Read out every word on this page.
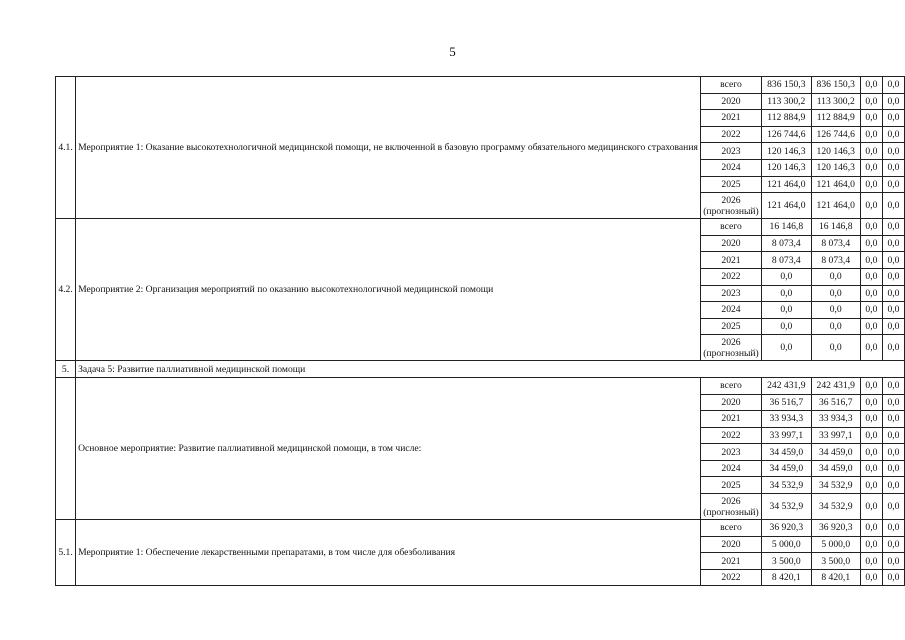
5
4.1.	Мероприятие 1: Оказание высокотехнологичной медицинской помощи, не включенной в базовую программу обязательного медицинского страхования	всего	836 150,3	836 150,3	0,0	0,0
		2020	113 300,2	113 300,2	0,0	0,0
		2021	112 884,9	112 884,9	0,0	0,0
		2022	126 744,6	126 744,6	0,0	0,0
		2023	120 146,3	120 146,3	0,0	0,0
		2024	120 146,3	120 146,3	0,0	0,0
		2025	121 464,0	121 464,0	0,0	0,0
		2026 (прогнозный)	121 464,0	121 464,0	0,0	0,0
4.2.	Мероприятие 2: Организация мероприятий по оказанию высокотехнологичной медицинской помощи	всего	16 146,8	16 146,8	0,0	0,0
		2020	8 073,4	8 073,4	0,0	0,0
		2021	8 073,4	8 073,4	0,0	0,0
		2022	0,0	0,0	0,0	0,0
		2023	0,0	0,0	0,0	0,0
		2024	0,0	0,0	0,0	0,0
		2025	0,0	0,0	0,0	0,0
		2026 (прогнозный)	0,0	0,0	0,0	0,0
5.	Задача 5: Развитие паллиативной медицинской помощи					
	Основное мероприятие: Развитие паллиативной медицинской помощи, в том числе:	всего	242 431,9	242 431,9	0,0	0,0
		2020	36 516,7	36 516,7	0,0	0,0
		2021	33 934,3	33 934,3	0,0	0,0
		2022	33 997,1	33 997,1	0,0	0,0
		2023	34 459,0	34 459,0	0,0	0,0
		2024	34 459,0	34 459,0	0,0	0,0
		2025	34 532,9	34 532,9	0,0	0,0
		2026 (прогнозный)	34 532,9	34 532,9	0,0	0,0
5.1.	Мероприятие 1: Обеспечение лекарственными препаратами, в том числе для обезболивания	всего	36 920,3	36 920,3	0,0	0,0
		2020	5 000,0	5 000,0	0,0	0,0
		2021	3 500,0	3 500,0	0,0	0,0
		2022	8 420,1	8 420,1	0,0	0,0
